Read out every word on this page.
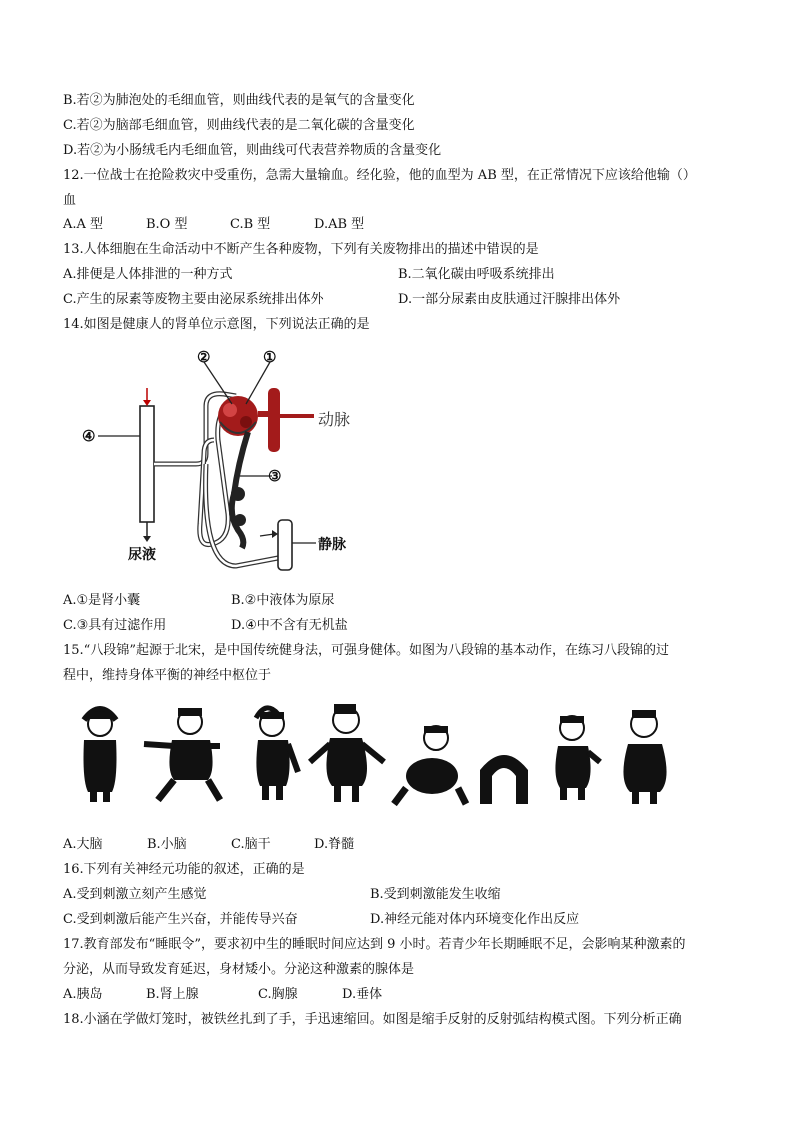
B.若②为肺泡处的毛细血管，则曲线代表的是氧气的含量变化
C.若②为脑部毛细血管，则曲线代表的是二氧化碳的含量变化
D.若②为小肠绒毛内毛细血管，则曲线可代表营养物质的含量变化
12.一位战士在抢险救灾中受重伤，急需大量输血。经化验，他的血型为 AB 型，在正常情况下应该给他输（）
血
A.A 型	B.O 型	C.B 型	D.AB 型
13.人体细胞在生命活动中不断产生各种废物，下列有关废物排出的描述中错误的是
A.排便是人体排泄的一种方式	B.二氧化碳由呼吸系统排出
C.产生的尿素等废物主要由泌尿系统排出体外	D.一部分尿素由皮肤通过汗腺排出体外
14.如图是健康人的肾单位示意图，下列说法正确的是
②	①
③
④
动脉
尿液
静脉
A.①是肾小囊	B.②中液体为原尿
C.③具有过滤作用	D.④中不含有无机盐
15.“八段锦”起源于北宋，是中国传统健身法，可强身健体。如图为八段锦的基本动作，在练习八段锦的过
程中，维持身体平衡的神经中枢位于
A.大脑	B.小脑	C.脑干	D.脊髓
16.下列有关神经元功能的叙述，正确的是
A.受到刺激立刻产生感觉	B.受到刺激能发生收缩
C.受到刺激后能产生兴奋，并能传导兴奋	D.神经元能对体内环境变化作出反应
17.教育部发布“睡眠令”，要求初中生的睡眠时间应达到 9 小时。若青少年长期睡眠不足，会影响某种激素的
分泌，从而导致发育延迟，身材矮小。分泌这种激素的腺体是
A.胰岛	B.肾上腺	C.胸腺	D.垂体
18.小涵在学做灯笼时，被铁丝扎到了手，手迅速缩回。如图是缩手反射的反射弧结构模式图。下列分析正确
